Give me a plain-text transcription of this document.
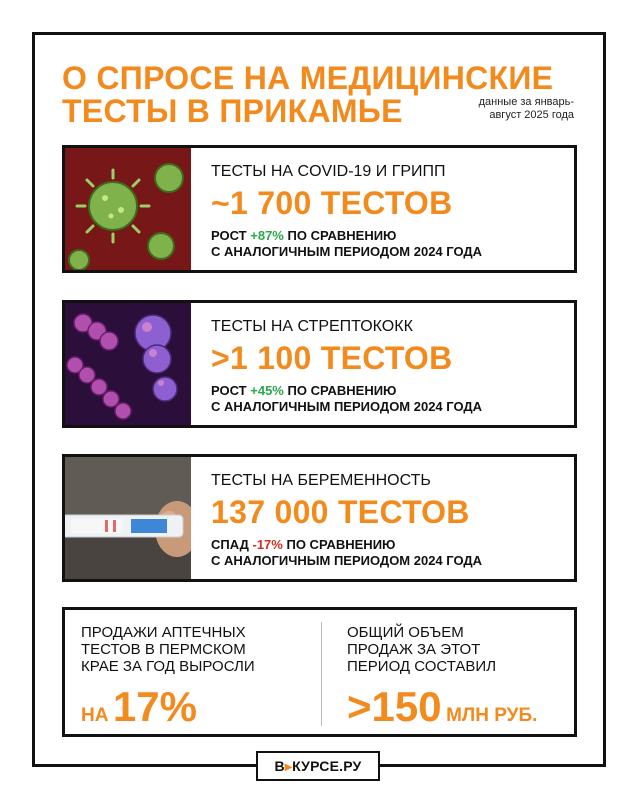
О СПРОСЕ НА МЕДИЦИНСКИЕ
ТЕСТЫ В ПРИКАМЬЕ	данные за январь-
август 2025 года
ТЕСТЫ НА COVID-19 И ГРИПП
~1 700 ТЕСТОВ
РОСТ +87% ПО СРАВНЕНИЮ
С АНАЛОГИЧНЫМ ПЕРИОДОМ 2024 ГОДА
ТЕСТЫ НА СТРЕПТОКОКК
>1 100 ТЕСТОВ
РОСТ +45% ПО СРАВНЕНИЮ
С АНАЛОГИЧНЫМ ПЕРИОДОМ 2024 ГОДА
ТЕСТЫ НА БЕРЕМЕННОСТЬ
137 000 ТЕСТОВ
СПАД -17% ПО СРАВНЕНИЮ
С АНАЛОГИЧНЫМ ПЕРИОДОМ 2024 ГОДА
ПРОДАЖИ АПТЕЧНЫХ
ТЕСТОВ В ПЕРМСКОМ
КРАЕ ЗА ГОД ВЫРОСЛИ
НА 17%
ОБЩИЙ ОБЪЕМ
ПРОДАЖ ЗА ЭТОТ
ПЕРИОД СОСТАВИЛ
>150 МЛН РУБ.
В▸КУРСЕ.РУ
